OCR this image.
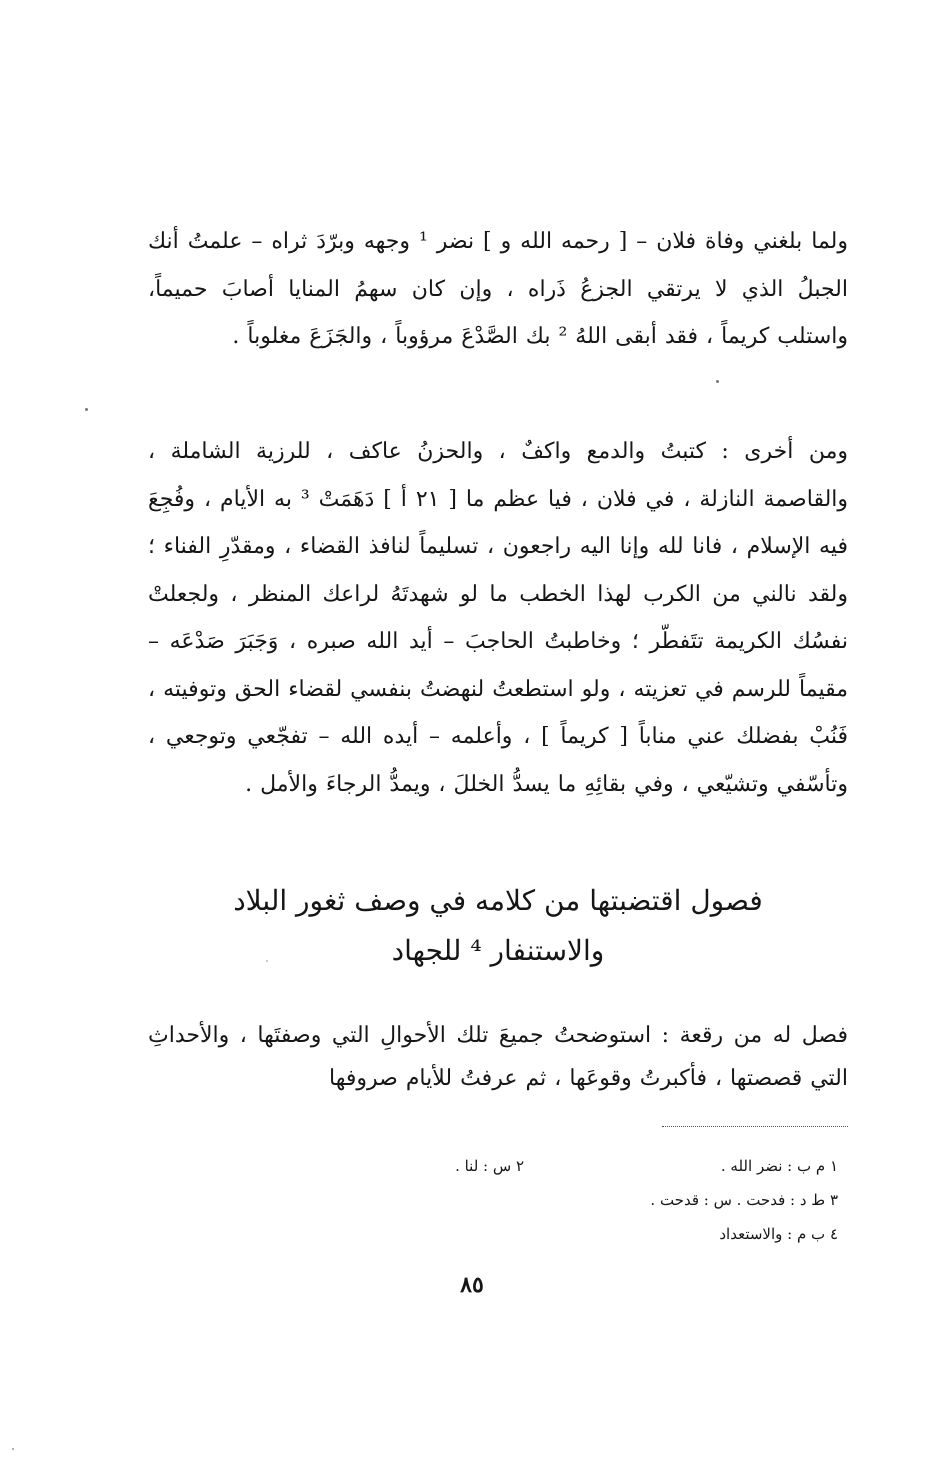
ولما بلغني وفاة فلان – [ رحمه الله و ] نضر ¹ وجهه وبرّدَ ثراه – علمتُ أنك الجبلُ الذي لا يرتقي الجزعُ ذَراه ، وإن كان سهمُ المنايا أصابَ حميماً، واستلب كريماً ، فقد أبقى اللهُ ² بك الصَّدْعَ مرؤوباً ، والجَزَعَ مغلوباً .

ومن أخرى : كتبتُ والدمع واكفٌ ، والحزنُ عاكف ، للرزية الشاملة ، والقاصمة النازلة ، في فلان ، فيا عظم ما [ ٢١ أ ] دَهَمَتْ ³ به الأيام ، وفُجِعَ فيه الإسلام ، فانا لله وإنا اليه راجعون ، تسليماً لنافذ القضاء ، ومقدّرِ الفناء ؛ ولقد نالني من الكرب لهذا الخطب ما لو شهدتَهُ لراعك المنظر ، ولجعلتْ نفسُك الكريمة تتَفطّر ؛ وخاطبتُ الحاجبَ – أيد الله صبره ، وَجَبَرَ صَدْعَه – مقيماً للرسم في تعزيته ، ولو استطعتُ لنهضتُ بنفسي لقضاء الحق وتوفيته ، فَنُبْ بفضلك عني مناباً [ كريماً ] ، وأعلمه – أيده الله – تفجّعي وتوجعي ، وتأسّفي وتشيّعي ، وفي بقائِهِ ما يسدُّ الخللَ ، ويمدُّ الرجاءَ والأمل .

فصول اقتضبتها من كلامه في وصف ثغور البلاد
والاستنفار ⁴ للجهاد

فصل له من رقعة : استوضحتُ جميعَ تلك الأحوالِ التي وصفتَها ، والأحداثِ التي قصصتها ، فأكبرتُ وقوعَها ، ثم عرفتُ للأيام صروفها

١ م ب : نضر الله .
٢ س : لنا .
٣ ط د : فدحت . س : قدحت .
٤ ب م : والاستعداد
٨٥
